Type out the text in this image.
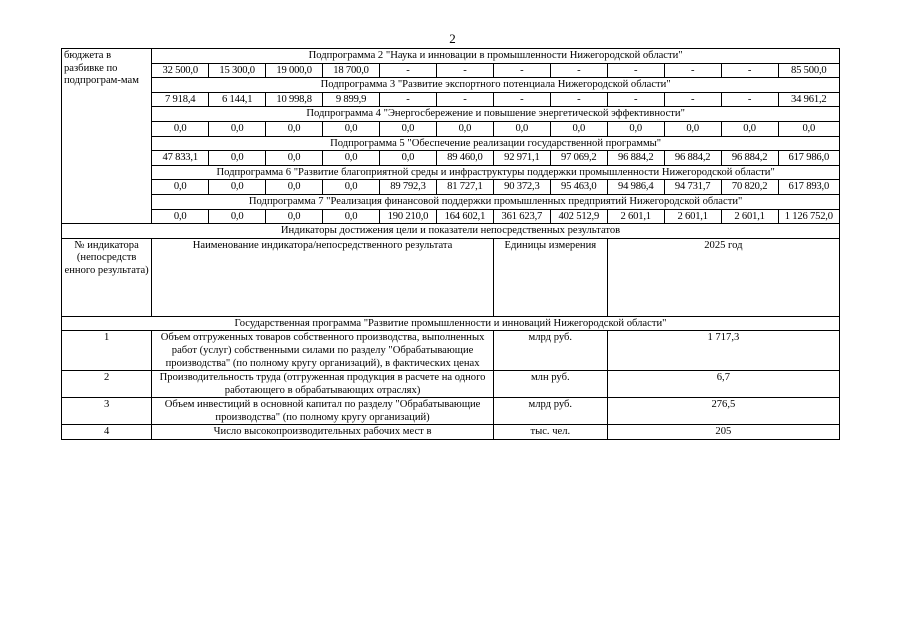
2
бюджета в разбивке по подпрограм-мам	Подпрограмма 2 "Наука и инновации в промышленности Нижегородской области"											
	32 500,0	15 300,0	19 000,0	18 700,0	-	-	-	-	-	-	-	85 500,0
	Подпрограмма 3 "Развитие экспортного потенциала Нижегородской области"											
	7 918,4	6 144,1	10 998,8	9 899,9	-	-	-	-	-	-	-	34 961,2
	Подпрограмма 4 "Энергосбережение и повышение энергетической эффективности"											
	0,0	0,0	0,0	0,0	0,0	0,0	0,0	0,0	0,0	0,0	0,0	0,0
	Подпрограмма 5 "Обеспечение реализации государственной программы"											
	47 833,1	0,0	0,0	0,0	0,0	89 460,0	92 971,1	97 069,2	96 884,2	96 884,2	96 884,2	617 986,0
	Подпрограмма 6 "Развитие благоприятной среды и инфраструктуры поддержки промышленности Нижегородской области"											
	0,0	0,0	0,0	0,0	89 792,3	81 727,1	90 372,3	95 463,0	94 986,4	94 731,7	70 820,2	617 893,0
	Подпрограмма 7 "Реализация финансовой поддержки промышленных предприятий Нижегородской области"											
	0,0	0,0	0,0	0,0	190 210,0	164 602,1	361 623,7	402 512,9	2 601,1	2 601,1	2 601,1	1 126 752,0
Индикаторы достижения цели и показатели непосредственных результатов												
№ индикатора (непосредств енного результата)	Наименование индикатора/непосредственного результата						Единицы измерения		2025 год			
Государственная программа "Развитие промышленности и инноваций Нижегородской области"												
1	Объем отгруженных товаров собственного производства, выполненных работ (услуг) собственными силами по разделу "Обрабатывающие производства" (по полному кругу организаций), в фактических ценах						млрд руб.		1 717,3			
2	Производительность труда (отгруженная продукция в расчете на одного работающего в обрабатывающих отраслях)						млн руб.		6,7			
3	Объем инвестиций в основной капитал по разделу "Обрабатывающие производства" (по полному кругу организаций)						млрд руб.		276,5			
4	Число высокопроизводительных рабочих мест в						тыс. чел.		205			
